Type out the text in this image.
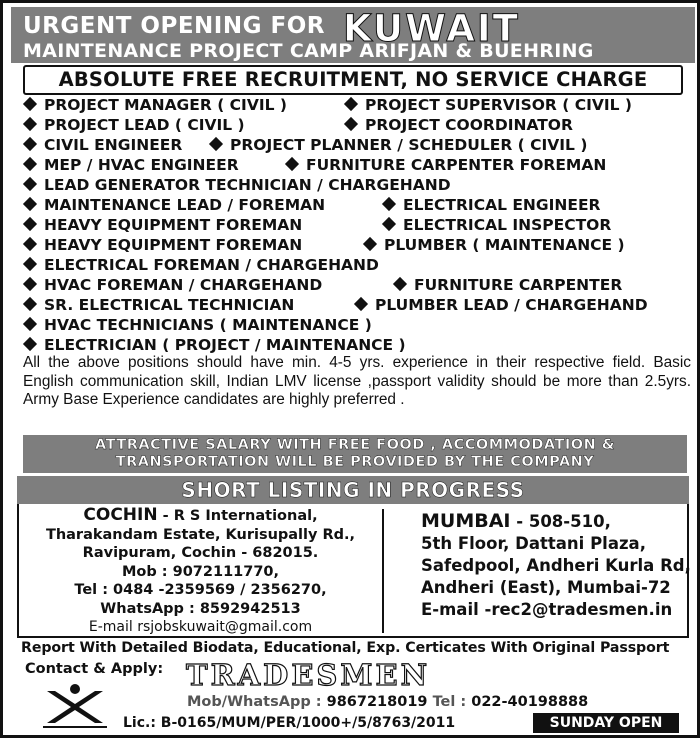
URGENT OPENING FOR KUWAIT
MAINTENANCE PROJECT CAMP ARIFJAN & BUEHRING
ABSOLUTE FREE RECRUITMENT, NO SERVICE CHARGE
PROJECT MANAGER ( CIVIL )	PROJECT SUPERVISOR ( CIVIL )
PROJECT LEAD ( CIVIL )	PROJECT COORDINATOR
CIVIL ENGINEER	PROJECT PLANNER / SCHEDULER ( CIVIL )
MEP / HVAC ENGINEER	FURNITURE CARPENTER FOREMAN
LEAD GENERATOR TECHNICIAN / CHARGEHAND
MAINTENANCE LEAD / FOREMAN	ELECTRICAL ENGINEER
HEAVY EQUIPMENT FOREMAN	ELECTRICAL INSPECTOR
HEAVY EQUIPMENT FOREMAN	PLUMBER ( MAINTENANCE )
ELECTRICAL FOREMAN / CHARGEHAND
HVAC FOREMAN / CHARGEHAND	FURNITURE CARPENTER
SR. ELECTRICAL TECHNICIAN	PLUMBER LEAD / CHARGEHAND
HVAC TECHNICIANS ( MAINTENANCE )
ELECTRICIAN ( PROJECT / MAINTENANCE )
All the above positions should have min. 4-5 yrs. experience in their respective field. Basic English communication skill, Indian LMV license ,passport validity should be more than 2.5yrs. Army Base Experience candidates are highly preferred .
ATTRACTIVE SALARY WITH FREE FOOD , ACCOMMODATION &
TRANSPORTATION WILL BE PROVIDED BY THE COMPANY
SHORT LISTING IN PROGRESS
COCHIN - R S International,
Tharakandam Estate, Kurisupally Rd.,
Ravipuram, Cochin - 682015.
Mob : 9072111770,
Tel : 0484 -2359569 / 2356270,
WhatsApp : 8592942513
E-mail rsjobskuwait@gmail.com
MUMBAI - 508-510,
5th Floor, Dattani Plaza,
Safedpool, Andheri Kurla Rd,
Andheri (East), Mumbai-72
E-mail -rec2@tradesmen.in
Report With Detailed Biodata, Educational, Exp. Certicates With Original Passport
Contact & Apply: TRADESMEN
Mob/WhatsApp : 9867218019 Tel : 022-40198888
Lic.: B-0165/MUM/PER/1000+/5/8763/2011	SUNDAY OPEN
